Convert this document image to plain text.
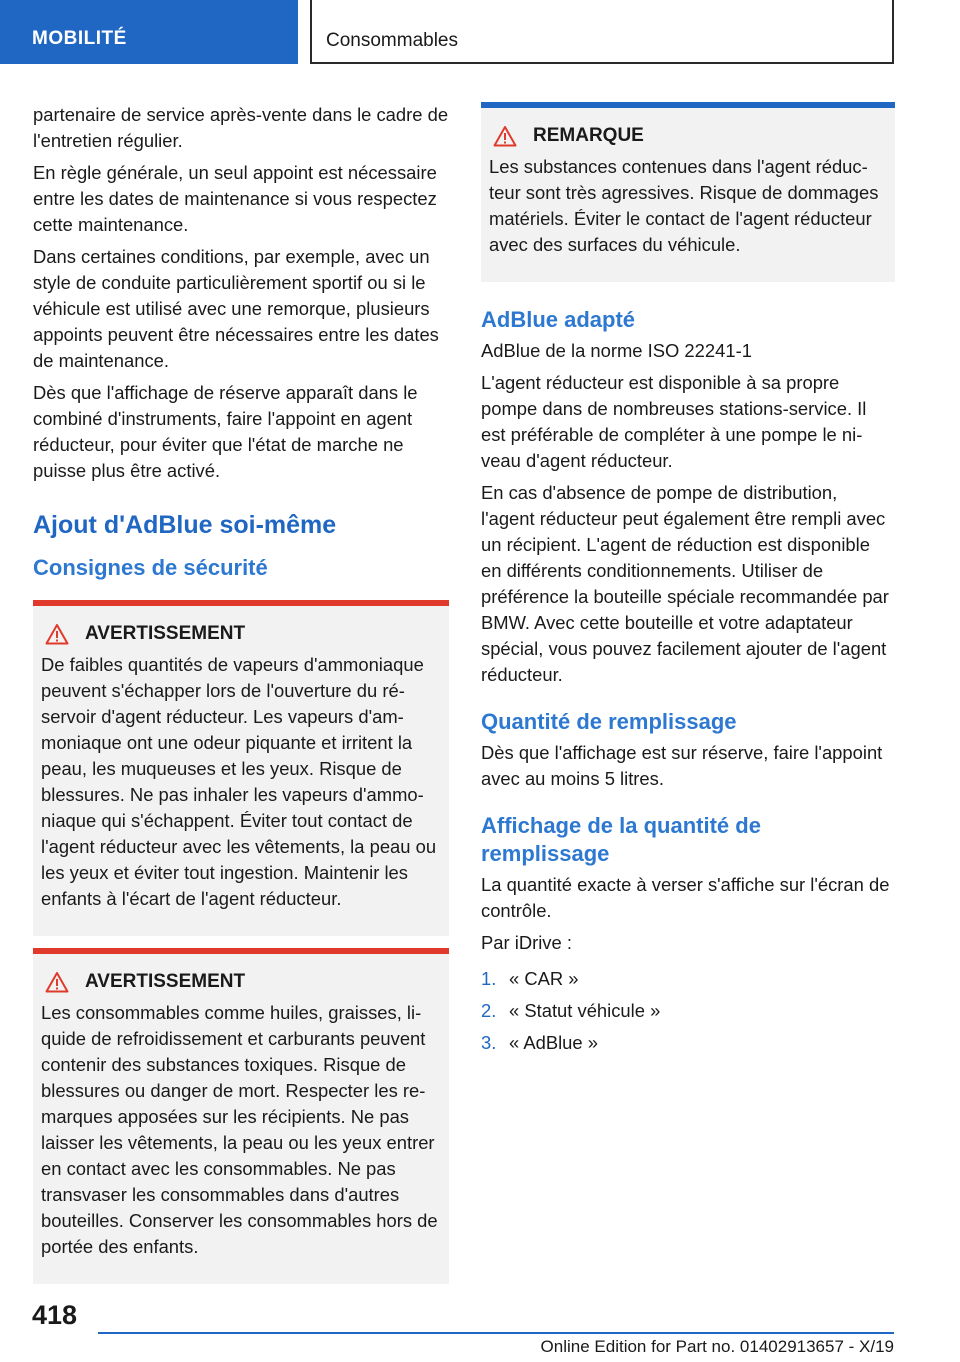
MOBILITÉ	Consommables

partenaire de service après-vente dans le cadre de l'entretien régulier.

En règle générale, un seul appoint est nécessaire entre les dates de maintenance si vous respectez cette maintenance.

Dans certaines conditions, par exemple, avec un style de conduite particulièrement sportif ou si le véhicule est utilisé avec une remorque, plusieurs appoints peuvent être nécessaires entre les dates de maintenance.

Dès que l'affichage de réserve apparaît dans le combiné d'instruments, faire l'appoint en agent réducteur, pour éviter que l'état de marche ne puisse plus être activé.

Ajout d'AdBlue soi-même
Consignes de sécurité
AVERTISSEMENT

De faibles quantités de vapeurs d'ammoniaque peuvent s'échapper lors de l'ouverture du réservoir d'agent réducteur. Les vapeurs d'ammoniaque ont une odeur piquante et irritent la peau, les muqueuses et les yeux. Risque de blessures. Ne pas inhaler les vapeurs d'ammoniaque qui s'échappent. Éviter tout contact de l'agent réducteur avec les vêtements, la peau ou les yeux et éviter tout ingestion. Maintenir les enfants à l'écart de l'agent réducteur.

AVERTISSEMENT

Les consommables comme huiles, graisses, liquide de refroidissement et carburants peuvent contenir des substances toxiques. Risque de blessures ou danger de mort. Respecter les remarques apposées sur les récipients. Ne pas laisser les vêtements, la peau ou les yeux entrer en contact avec les consommables. Ne pas transvaser les consommables dans d'autres bouteilles. Conserver les consommables hors de portée des enfants.

REMARQUE

Les substances contenues dans l'agent réducteur sont très agressives. Risque de dommages matériels. Éviter le contact de l'agent réducteur avec des surfaces du véhicule.

AdBlue adapté

AdBlue de la norme ISO 22241-1

L'agent réducteur est disponible à sa propre pompe dans de nombreuses stations-service. Il est préférable de compléter à une pompe le niveau d'agent réducteur.

En cas d'absence de pompe de distribution, l'agent réducteur peut également être rempli avec un récipient. L'agent de réduction est disponible en différents conditionnements. Utiliser de préférence la bouteille spéciale recommandée par BMW. Avec cette bouteille et votre adaptateur spécial, vous pouvez facilement ajouter de l'agent réducteur.

Quantité de remplissage

Dès que l'affichage est sur réserve, faire l'appoint avec au moins 5 litres.

Affichage de la quantité de remplissage

La quantité exacte à verser s'affiche sur l'écran de contrôle.

Par iDrive :

1. « CAR »
2. « Statut véhicule »
3. « AdBlue »
418
Online Edition for Part no. 01402913657 - X/19
